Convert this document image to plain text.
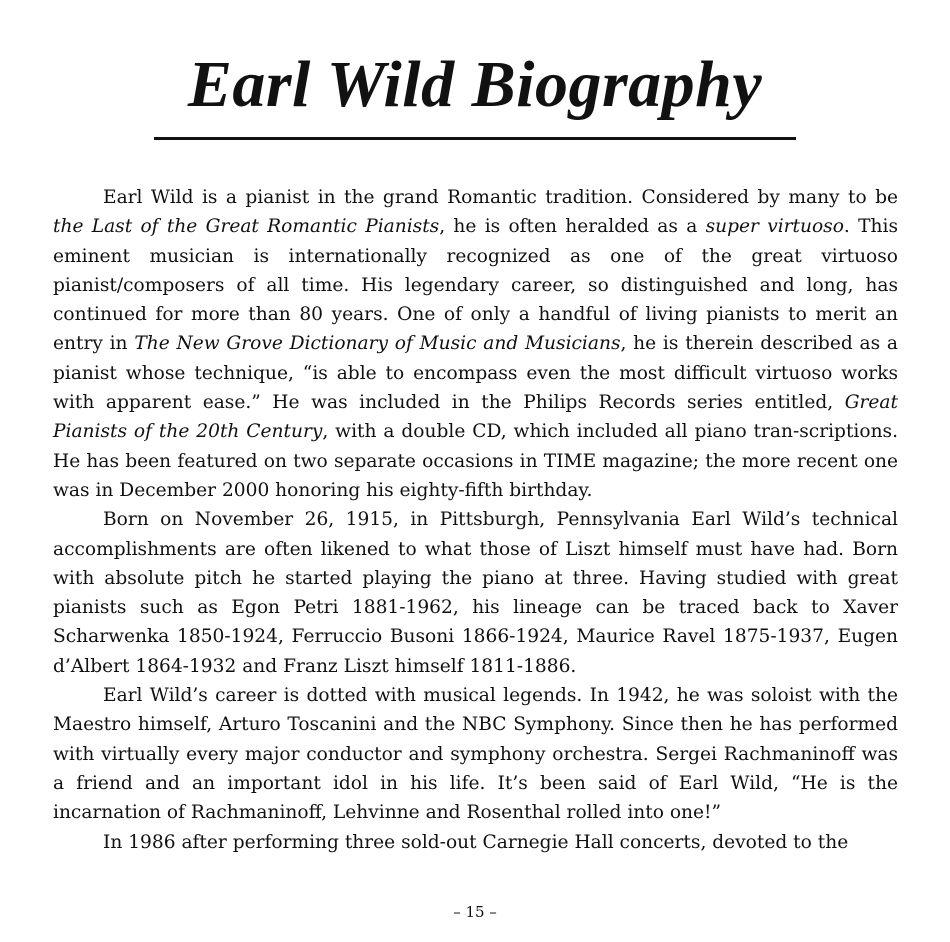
Earl Wild Biography

Earl Wild is a pianist in the grand Romantic tradition. Considered by many to be the Last of the Great Romantic Pianists, he is often heralded as a super virtuoso. This eminent musician is internationally recognized as one of the great virtuoso pianist/composers of all time. His legendary career, so distinguished and long, has continued for more than 80 years. One of only a handful of living pianists to merit an entry in The New Grove Dictionary of Music and Musicians, he is therein described as a pianist whose technique, “is able to encompass even the most difficult virtuoso works with apparent ease.” He was included in the Philips Records series entitled, Great Pianists of the 20th Century, with a double CD, which included all piano tran-scriptions. He has been featured on two separate occasions in TIME magazine; the more recent one was in December 2000 honoring his eighty-fifth birthday.

Born on November 26, 1915, in Pittsburgh, Pennsylvania Earl Wild’s technical accomplishments are often likened to what those of Liszt himself must have had. Born with absolute pitch he started playing the piano at three. Having studied with great pianists such as Egon Petri 1881-1962, his lineage can be traced back to Xaver Scharwenka 1850-1924, Ferruccio Busoni 1866-1924, Maurice Ravel 1875-1937, Eugen d’Albert 1864-1932 and Franz Liszt himself 1811-1886.

Earl Wild’s career is dotted with musical legends. In 1942, he was soloist with the Maestro himself, Arturo Toscanini and the NBC Symphony. Since then he has performed with virtually every major conductor and symphony orchestra. Sergei Rachmaninoff was a friend and an important idol in his life. It’s been said of Earl Wild, “He is the incarnation of Rachmaninoff, Lehvinne and Rosenthal rolled into one!”

In 1986 after performing three sold-out Carnegie Hall concerts, devoted to the

– 15 –
